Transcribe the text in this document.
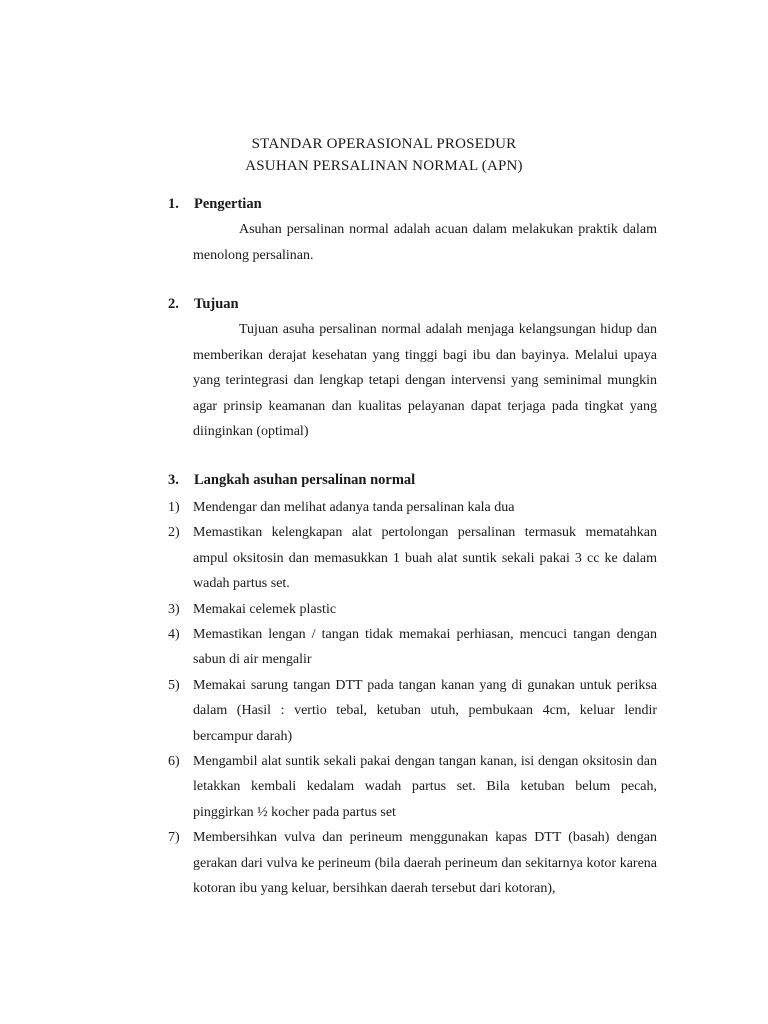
STANDAR OPERASIONAL PROSEDUR
ASUHAN PERSALINAN NORMAL (APN)
1. Pengertian
Asuhan persalinan normal adalah acuan dalam melakukan praktik dalam menolong persalinan.
2. Tujuan
Tujuan asuha persalinan normal adalah menjaga kelangsungan hidup dan memberikan derajat kesehatan yang tinggi bagi ibu dan bayinya. Melalui upaya yang terintegrasi dan lengkap tetapi dengan intervensi yang seminimal mungkin agar prinsip keamanan dan kualitas pelayanan dapat terjaga pada tingkat yang diinginkan (optimal)
3. Langkah asuhan persalinan normal
1) Mendengar dan melihat adanya tanda persalinan kala dua
2) Memastikan kelengkapan alat pertolongan persalinan termasuk mematahkan ampul oksitosin dan memasukkan 1 buah alat suntik sekali pakai 3 cc ke dalam wadah partus set.
3) Memakai celemek plastic
4) Memastikan lengan / tangan tidak memakai perhiasan, mencuci tangan dengan sabun di air mengalir
5) Memakai sarung tangan DTT pada tangan kanan yang di gunakan untuk periksa dalam (Hasil : vertio tebal, ketuban utuh, pembukaan 4cm, keluar lendir bercampur darah)
6) Mengambil alat suntik sekali pakai dengan tangan kanan, isi dengan oksitosin dan letakkan kembali kedalam wadah partus set. Bila ketuban belum pecah, pinggirkan ½ kocher pada partus set
7) Membersihkan vulva dan perineum menggunakan kapas DTT (basah) dengan gerakan dari vulva ke perineum (bila daerah perineum dan sekitarnya kotor karena kotoran ibu yang keluar, bersihkan daerah tersebut dari kotoran),
